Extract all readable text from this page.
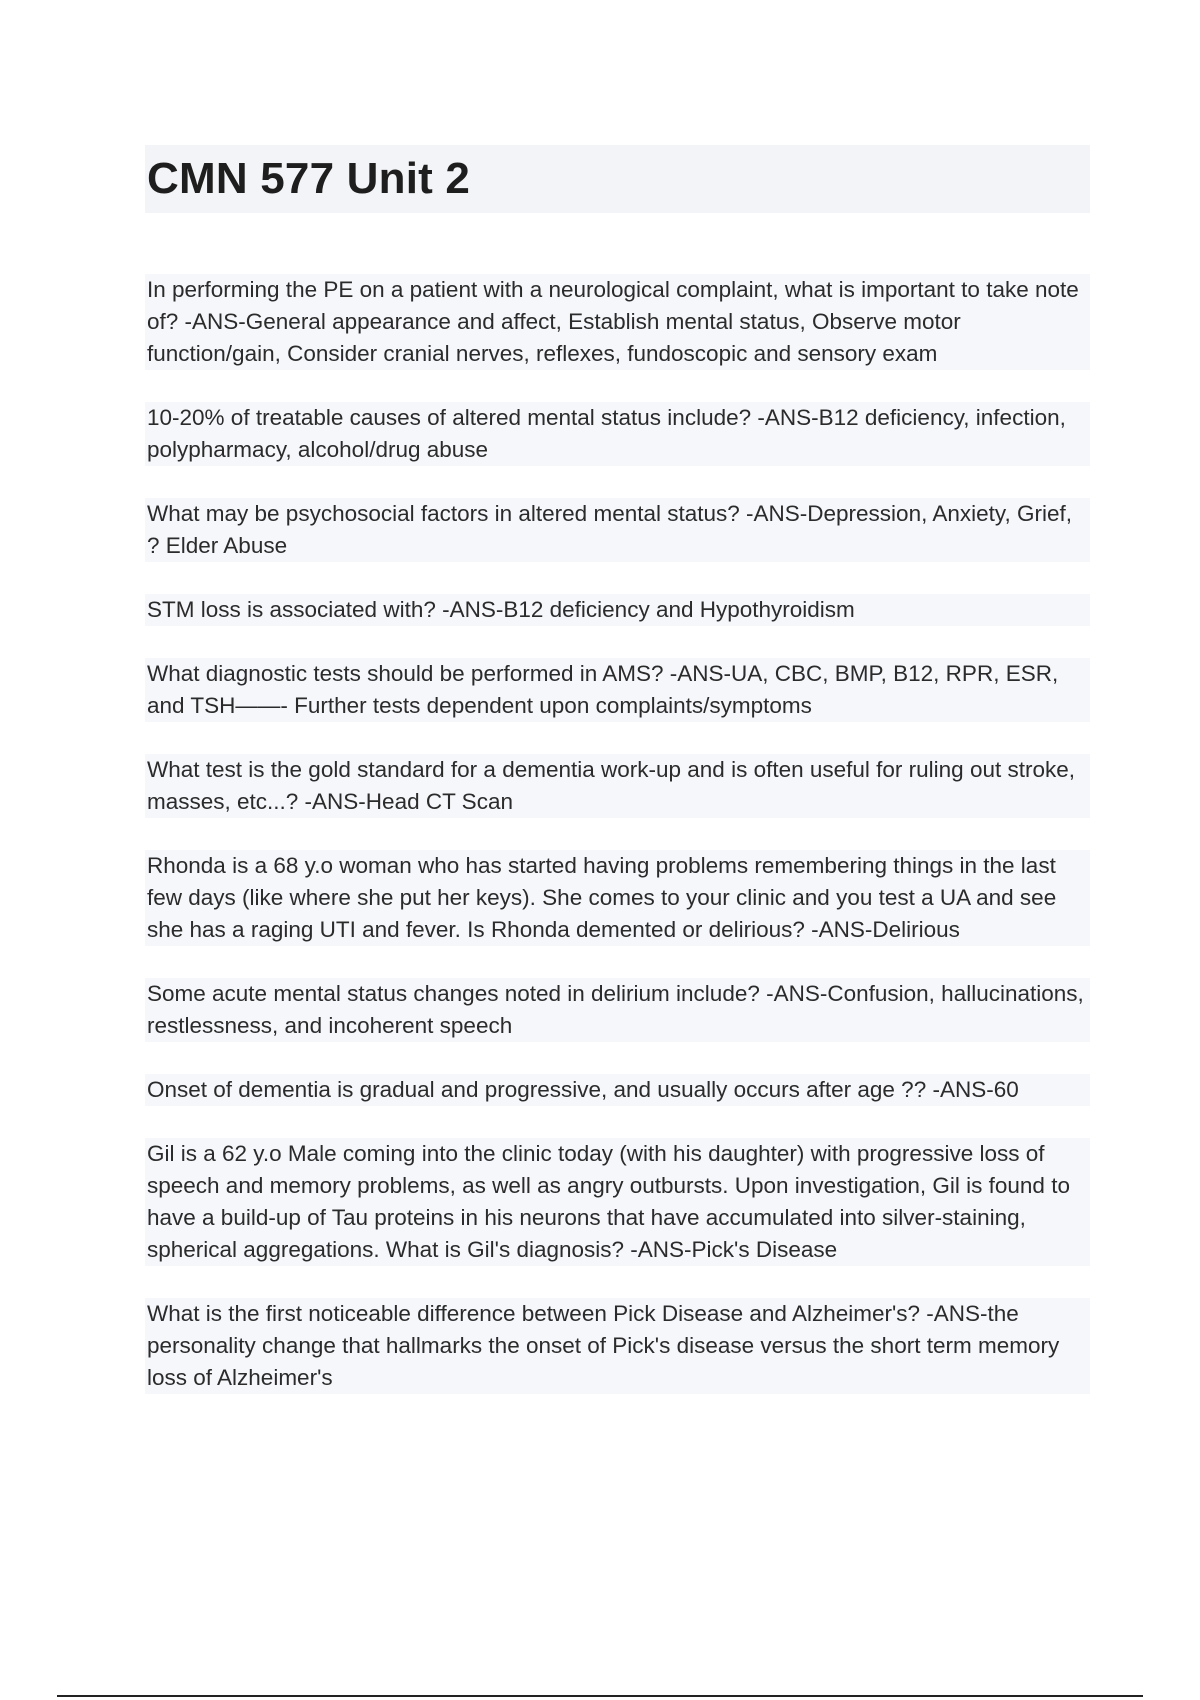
CMN 577 Unit 2

In performing the PE on a patient with a neurological complaint, what is important to take note of? -ANS-General appearance and affect, Establish mental status, Observe motor function/gain, Consider cranial nerves, reflexes, fundoscopic and sensory exam

10-20% of treatable causes of altered mental status include? -ANS-B12 deficiency, infection, polypharmacy, alcohol/drug abuse

What may be psychosocial factors in altered mental status? -ANS-Depression, Anxiety, Grief, ? Elder Abuse

STM loss is associated with? -ANS-B12 deficiency and Hypothyroidism

What diagnostic tests should be performed in AMS? -ANS-UA, CBC, BMP, B12, RPR, ESR, and TSH——- Further tests dependent upon complaints/symptoms

What test is the gold standard for a dementia work-up and is often useful for ruling out stroke, masses, etc...? -ANS-Head CT Scan

Rhonda is a 68 y.o woman who has started having problems remembering things in the last few days (like where she put her keys). She comes to your clinic and you test a UA and see she has a raging UTI and fever. Is Rhonda demented or delirious? -ANS-Delirious

Some acute mental status changes noted in delirium include? -ANS-Confusion, hallucinations, restlessness, and incoherent speech

Onset of dementia is gradual and progressive, and usually occurs after age ?? -ANS-60

Gil is a 62 y.o Male coming into the clinic today (with his daughter) with progressive loss of speech and memory problems, as well as angry outbursts. Upon investigation, Gil is found to have a build-up of Tau proteins in his neurons that have accumulated into silver-staining, spherical aggregations. What is Gil's diagnosis? -ANS-Pick's Disease

What is the first noticeable difference between Pick Disease and Alzheimer's? -ANS-the personality change that hallmarks the onset of Pick's disease versus the short term memory loss of Alzheimer's
